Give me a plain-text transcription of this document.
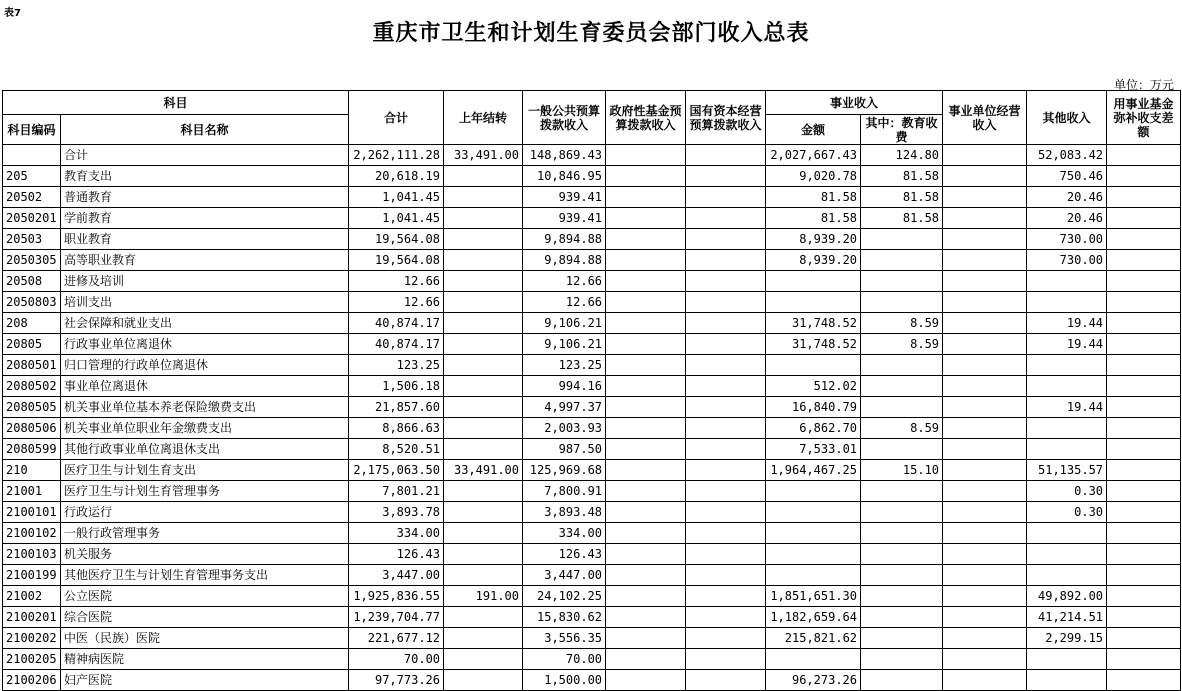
表7
重庆市卫生和计划生育委员会部门收入总表
单位：万元
科目		合计	上年结转	一般公共预算拨款收入	政府性基金预算拨款收入	国有资本经营预算拨款收入	事业收入		事业单位经营收入	其他收入	用事业基金弥补收支差额
科目编码	科目名称						金额	其中：教育收费			
	合计	2,262,111.28	33,491.00	148,869.43			2,027,667.43	124.80		52,083.42	
205	教育支出	20,618.19		10,846.95			9,020.78	81.58		750.46	
20502	普通教育	1,041.45		939.41			81.58	81.58		20.46	
2050201	学前教育	1,041.45		939.41			81.58	81.58		20.46	
20503	职业教育	19,564.08		9,894.88			8,939.20			730.00	
2050305	高等职业教育	19,564.08		9,894.88			8,939.20			730.00	
20508	进修及培训	12.66		12.66							
2050803	培训支出	12.66		12.66							
208	社会保障和就业支出	40,874.17		9,106.21			31,748.52	8.59		19.44	
20805	行政事业单位离退休	40,874.17		9,106.21			31,748.52	8.59		19.44	
2080501	归口管理的行政单位离退休	123.25		123.25							
2080502	事业单位离退休	1,506.18		994.16			512.02				
2080505	机关事业单位基本养老保险缴费支出	21,857.60		4,997.37			16,840.79			19.44	
2080506	机关事业单位职业年金缴费支出	8,866.63		2,003.93			6,862.70	8.59			
2080599	其他行政事业单位离退休支出	8,520.51		987.50			7,533.01				
210	医疗卫生与计划生育支出	2,175,063.50	33,491.00	125,969.68			1,964,467.25	15.10		51,135.57	
21001	医疗卫生与计划生育管理事务	7,801.21		7,800.91						0.30	
2100101	行政运行	3,893.78		3,893.48						0.30	
2100102	一般行政管理事务	334.00		334.00							
2100103	机关服务	126.43		126.43							
2100199	其他医疗卫生与计划生育管理事务支出	3,447.00		3,447.00							
21002	公立医院	1,925,836.55	191.00	24,102.25			1,851,651.30			49,892.00	
2100201	综合医院	1,239,704.77		15,830.62			1,182,659.64			41,214.51	
2100202	中医（民族）医院	221,677.12		3,556.35			215,821.62			2,299.15	
2100205	精神病医院	70.00		70.00							
2100206	妇产医院	97,773.26		1,500.00			96,273.26				
